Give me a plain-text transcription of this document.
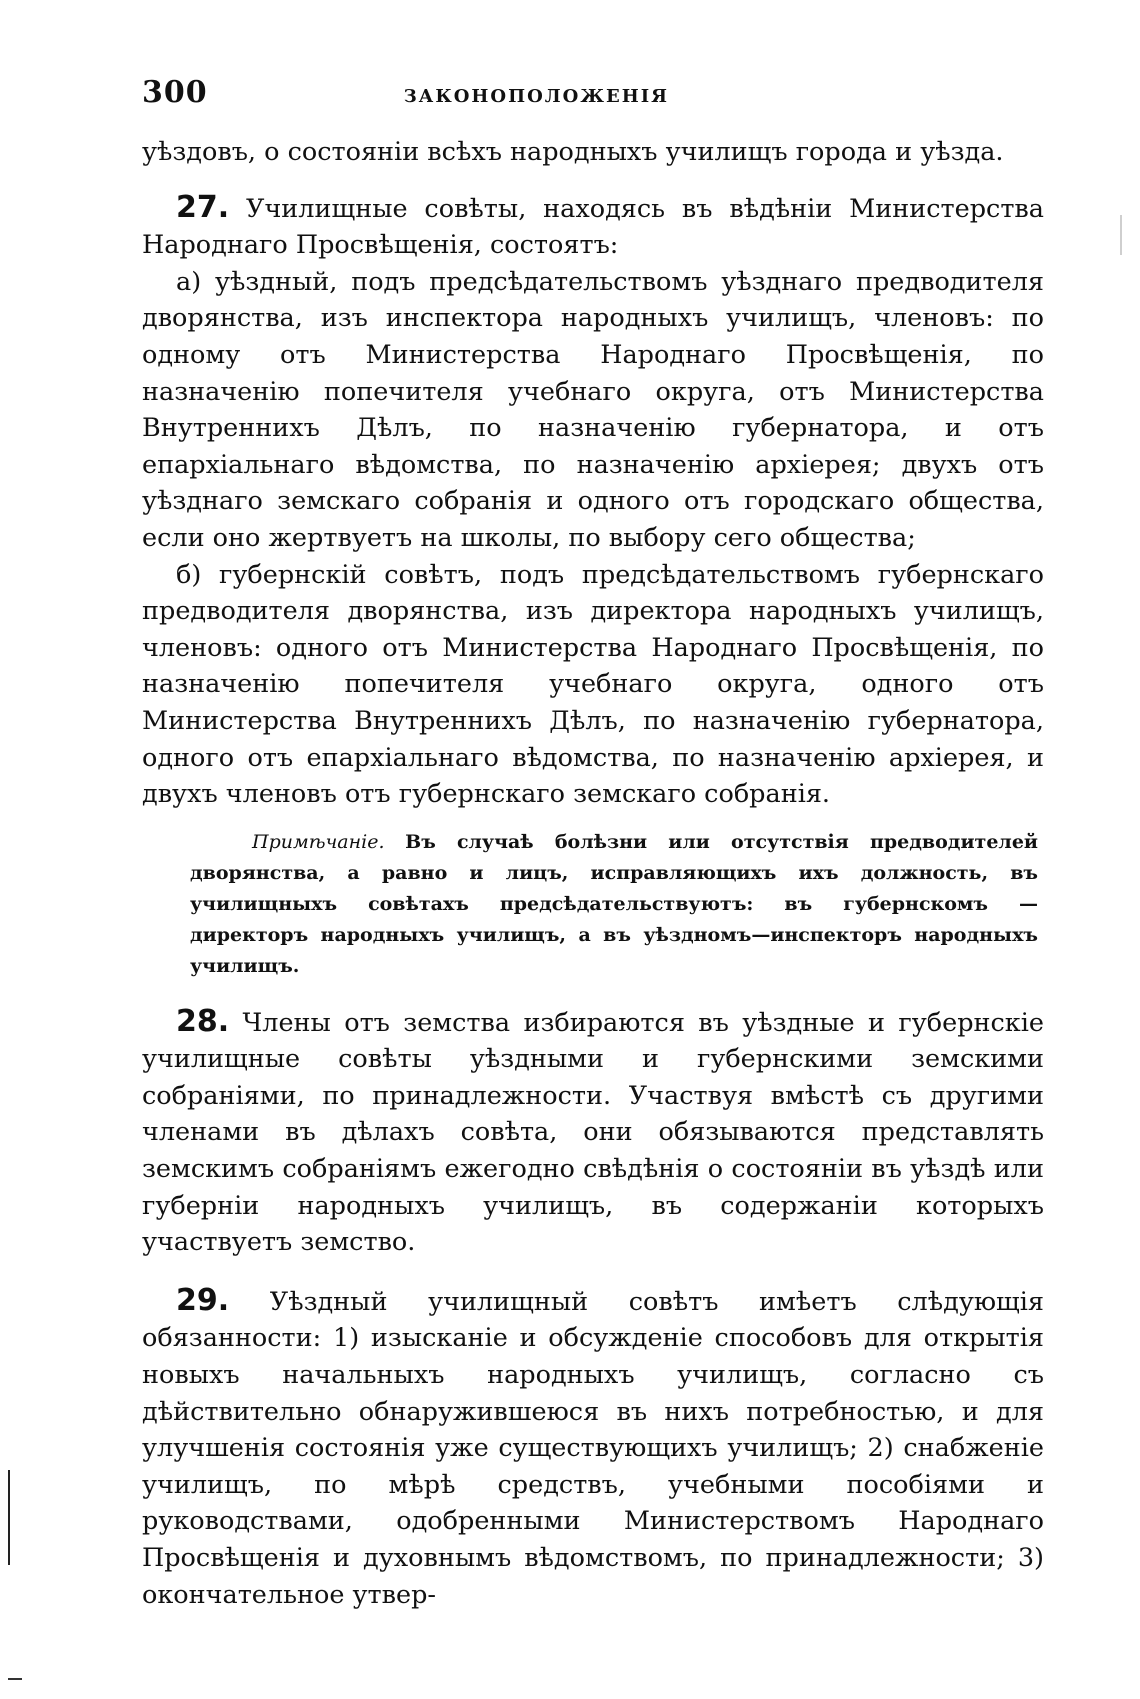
300	ЗАКОНОПОЛОЖЕНІЯ

уѣздовъ, о состояніи всѣхъ народныхъ училищъ города и уѣзда.

27. Училищные совѣты, находясь въ вѣдѣніи Министерства Народнаго Просвѣщенія, состоятъ:

а) уѣздный, подъ предсѣдательствомъ уѣзднаго предводителя дворянства, изъ инспектора народныхъ училищъ, членовъ: по одному отъ Министерства Народнаго Просвѣщенія, по назначенію попечителя учебнаго округа, отъ Министерства Внутреннихъ Дѣлъ, по назначенію губернатора, и отъ епархіальнаго вѣдомства, по назначенію архіерея; двухъ отъ уѣзднаго земскаго собранія и одного отъ городскаго общества, если оно жертвуетъ на школы, по выбору сего общества;

б) губернскій совѣтъ, подъ предсѣдательствомъ губернскаго предводителя дворянства, изъ директора народныхъ училищъ, членовъ: одного отъ Министерства Народнаго Просвѣщенія, по назначенію попечителя учебнаго округа, одного отъ Министерства Внутреннихъ Дѣлъ, по назначенію губернатора, одного отъ епархіальнаго вѣдомства, по назначенію архіерея, и двухъ членовъ отъ губернскаго земскаго собранія.

Примѣчаніе. Въ случаѣ болѣзни или отсутствія предводителей дворянства, а равно и лицъ, исправляющихъ ихъ должность, въ училищныхъ совѣтахъ предсѣдательствуютъ: въ губернскомъ — директоръ народныхъ училищъ, а въ уѣздномъ—инспекторъ народныхъ училищъ.

28. Члены отъ земства избираются въ уѣздные и губернскіе училищные совѣты уѣздными и губернскими земскими собраніями, по принадлежности. Участвуя вмѣстѣ съ другими членами въ дѣлахъ совѣта, они обязываются представлять земскимъ собраніямъ ежегодно свѣдѣнія о состояніи въ уѣздѣ или губерніи народныхъ училищъ, въ содержаніи которыхъ участвуетъ земство.

29. Уѣздный училищный совѣтъ имѣетъ слѣдующія обязанности: 1) изысканіе и обсужденіе способовъ для открытія новыхъ начальныхъ народныхъ училищъ, согласно съ дѣйствительно обнаружившеюся въ нихъ потребностью, и для улучшенія состоянія уже существующихъ училищъ; 2) снабженіе училищъ, по мѣрѣ средствъ, учебными пособіями и руководствами, одобренными Министерствомъ Народнаго Просвѣщенія и духовнымъ вѣдомствомъ, по принадлежности; 3) окончательное утвер-
